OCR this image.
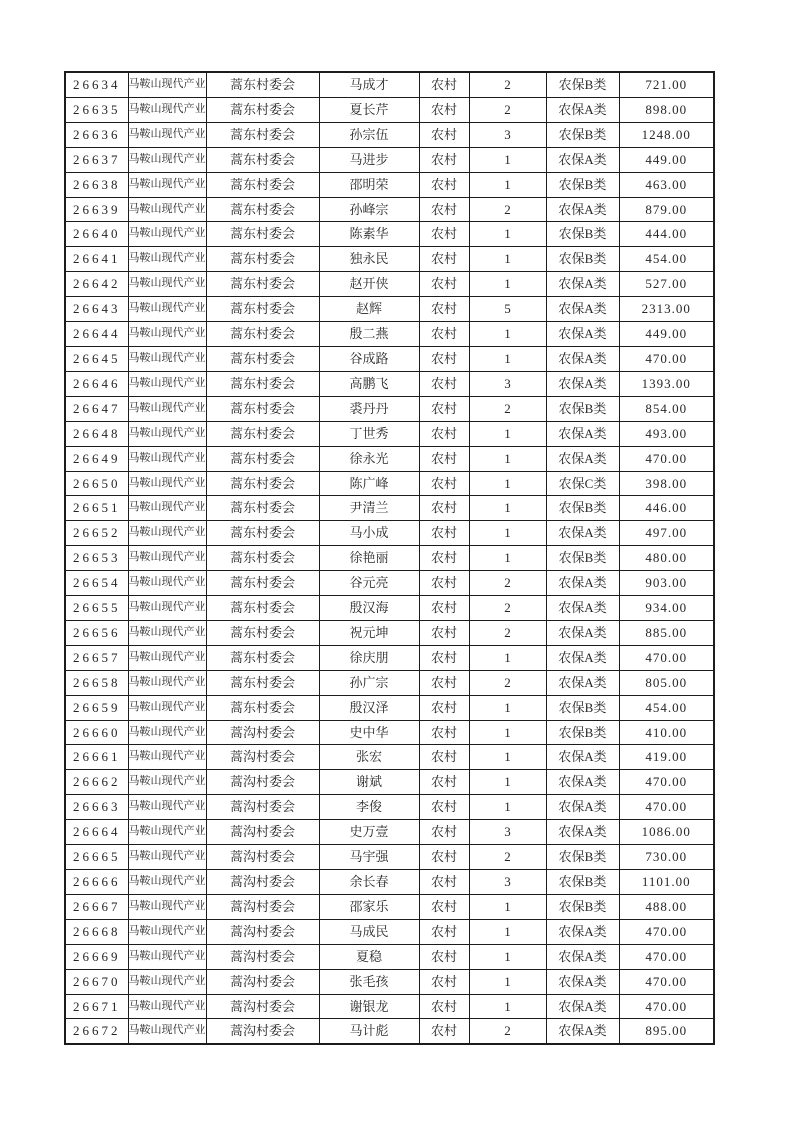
26634	马鞍山现代产业	蒿东村委会	马成才	农村	2	农保B类	721.00
26635	马鞍山现代产业	蒿东村委会	夏长芹	农村	2	农保A类	898.00
26636	马鞍山现代产业	蒿东村委会	孙宗伍	农村	3	农保B类	1248.00
26637	马鞍山现代产业	蒿东村委会	马进步	农村	1	农保A类	449.00
26638	马鞍山现代产业	蒿东村委会	邵明荣	农村	1	农保B类	463.00
26639	马鞍山现代产业	蒿东村委会	孙峰宗	农村	2	农保A类	879.00
26640	马鞍山现代产业	蒿东村委会	陈素华	农村	1	农保B类	444.00
26641	马鞍山现代产业	蒿东村委会	独永民	农村	1	农保B类	454.00
26642	马鞍山现代产业	蒿东村委会	赵开侠	农村	1	农保A类	527.00
26643	马鞍山现代产业	蒿东村委会	赵辉	农村	5	农保A类	2313.00
26644	马鞍山现代产业	蒿东村委会	殷二燕	农村	1	农保A类	449.00
26645	马鞍山现代产业	蒿东村委会	谷成路	农村	1	农保A类	470.00
26646	马鞍山现代产业	蒿东村委会	高鹏飞	农村	3	农保A类	1393.00
26647	马鞍山现代产业	蒿东村委会	裘丹丹	农村	2	农保B类	854.00
26648	马鞍山现代产业	蒿东村委会	丁世秀	农村	1	农保A类	493.00
26649	马鞍山现代产业	蒿东村委会	徐永光	农村	1	农保A类	470.00
26650	马鞍山现代产业	蒿东村委会	陈广峰	农村	1	农保C类	398.00
26651	马鞍山现代产业	蒿东村委会	尹清兰	农村	1	农保B类	446.00
26652	马鞍山现代产业	蒿东村委会	马小成	农村	1	农保A类	497.00
26653	马鞍山现代产业	蒿东村委会	徐艳丽	农村	1	农保B类	480.00
26654	马鞍山现代产业	蒿东村委会	谷元亮	农村	2	农保A类	903.00
26655	马鞍山现代产业	蒿东村委会	殷汉海	农村	2	农保A类	934.00
26656	马鞍山现代产业	蒿东村委会	祝元坤	农村	2	农保A类	885.00
26657	马鞍山现代产业	蒿东村委会	徐庆朋	农村	1	农保A类	470.00
26658	马鞍山现代产业	蒿东村委会	孙广宗	农村	2	农保A类	805.00
26659	马鞍山现代产业	蒿东村委会	殷汉泽	农村	1	农保B类	454.00
26660	马鞍山现代产业	蒿沟村委会	史中华	农村	1	农保B类	410.00
26661	马鞍山现代产业	蒿沟村委会	张宏	农村	1	农保A类	419.00
26662	马鞍山现代产业	蒿沟村委会	谢斌	农村	1	农保A类	470.00
26663	马鞍山现代产业	蒿沟村委会	李俊	农村	1	农保A类	470.00
26664	马鞍山现代产业	蒿沟村委会	史万壹	农村	3	农保A类	1086.00
26665	马鞍山现代产业	蒿沟村委会	马宇强	农村	2	农保B类	730.00
26666	马鞍山现代产业	蒿沟村委会	余长春	农村	3	农保B类	1101.00
26667	马鞍山现代产业	蒿沟村委会	邵家乐	农村	1	农保B类	488.00
26668	马鞍山现代产业	蒿沟村委会	马成民	农村	1	农保A类	470.00
26669	马鞍山现代产业	蒿沟村委会	夏稳	农村	1	农保A类	470.00
26670	马鞍山现代产业	蒿沟村委会	张毛孩	农村	1	农保A类	470.00
26671	马鞍山现代产业	蒿沟村委会	谢银龙	农村	1	农保A类	470.00
26672	马鞍山现代产业	蒿沟村委会	马计彪	农村	2	农保A类	895.00
